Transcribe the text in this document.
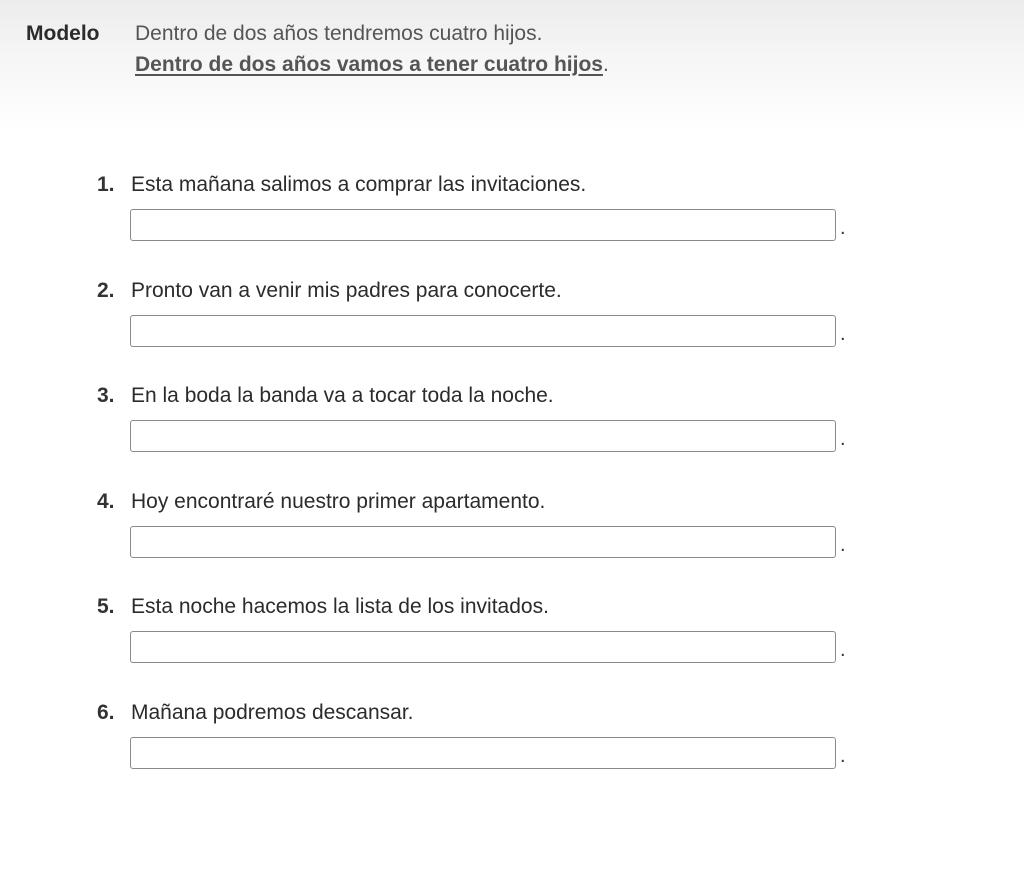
Modelo Dentro de dos años tendremos cuatro hijos.
Dentro de dos años vamos a tener cuatro hijos.
1. Esta mañana salimos a comprar las invitaciones.
.
2. Pronto van a venir mis padres para conocerte.
.
3. En la boda la banda va a tocar toda la noche.
.
4. Hoy encontraré nuestro primer apartamento.
.
5. Esta noche hacemos la lista de los invitados.
.
6. Mañana podremos descansar.
.
